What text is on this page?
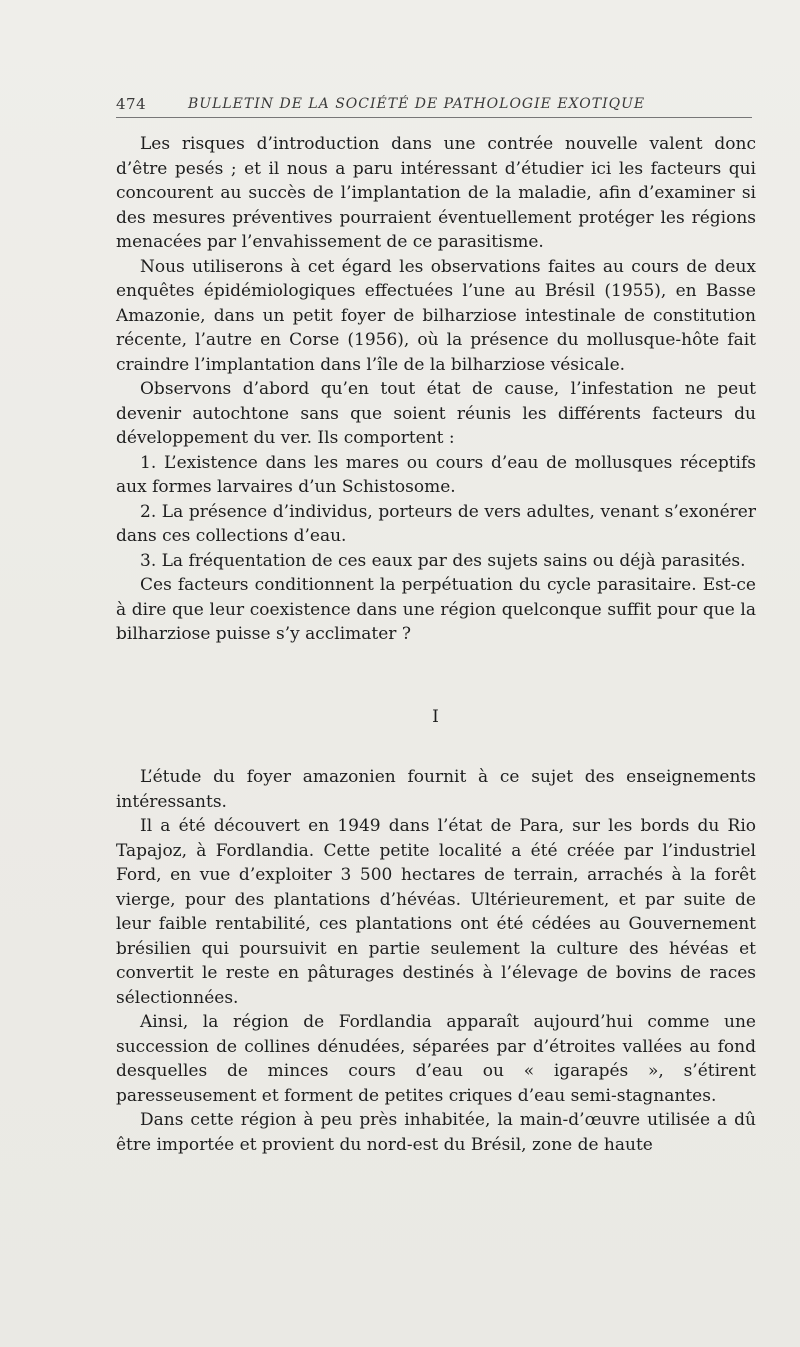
474	BULLETIN DE LA SOCIÉTÉ DE PATHOLOGIE EXOTIQUE

Les risques d’introduction dans une contrée nouvelle valent donc d’être pesés ; et il nous a paru intéressant d’étudier ici les facteurs qui concourent au succès de l’implantation de la maladie, afin d’examiner si des mesures préventives pourraient éventuellement protéger les régions menacées par l’envahissement de ce parasitisme.

Nous utiliserons à cet égard les observations faites au cours de deux enquêtes épidémiologiques effectuées l’une au Brésil (1955), en Basse Amazonie, dans un petit foyer de bilharziose intestinale de constitution récente, l’autre en Corse (1956), où la présence du mollusque-hôte fait craindre l’implantation dans l’île de la bilharziose vésicale.

Observons d’abord qu’en tout état de cause, l’infestation ne peut devenir autochtone sans que soient réunis les différents facteurs du développement du ver. Ils comportent :

1. L’existence dans les mares ou cours d’eau de mollusques réceptifs aux formes larvaires d’un Schistosome.

2. La présence d’individus, porteurs de vers adultes, venant s’exonérer dans ces collections d’eau.

3. La fréquentation de ces eaux par des sujets sains ou déjà parasités.

Ces facteurs conditionnent la perpétuation du cycle parasitaire. Est-ce à dire que leur coexistence dans une région quelconque suffit pour que la bilharziose puisse s’y acclimater ?

I

L’étude du foyer amazonien fournit à ce sujet des enseignements intéressants.

Il a été découvert en 1949 dans l’état de Para, sur les bords du Rio Tapajoz, à Fordlandia. Cette petite localité a été créée par l’industriel Ford, en vue d’exploiter 3 500 hectares de terrain, arrachés à la forêt vierge, pour des plantations d’hévéas. Ultérieurement, et par suite de leur faible rentabilité, ces plantations ont été cédées au Gouvernement brésilien qui poursuivit en partie seulement la culture des hévéas et convertit le reste en pâturages destinés à l’élevage de bovins de races sélectionnées.

Ainsi, la région de Fordlandia apparaît aujourd’hui comme une succession de collines dénudées, séparées par d’étroites vallées au fond desquelles de minces cours d’eau ou « igarapés », s’étirent paresseusement et forment de petites criques d’eau semi-stagnantes.

Dans cette région à peu près inhabitée, la main-d’œuvre utilisée a dû être importée et provient du nord-est du Brésil, zone de haute
